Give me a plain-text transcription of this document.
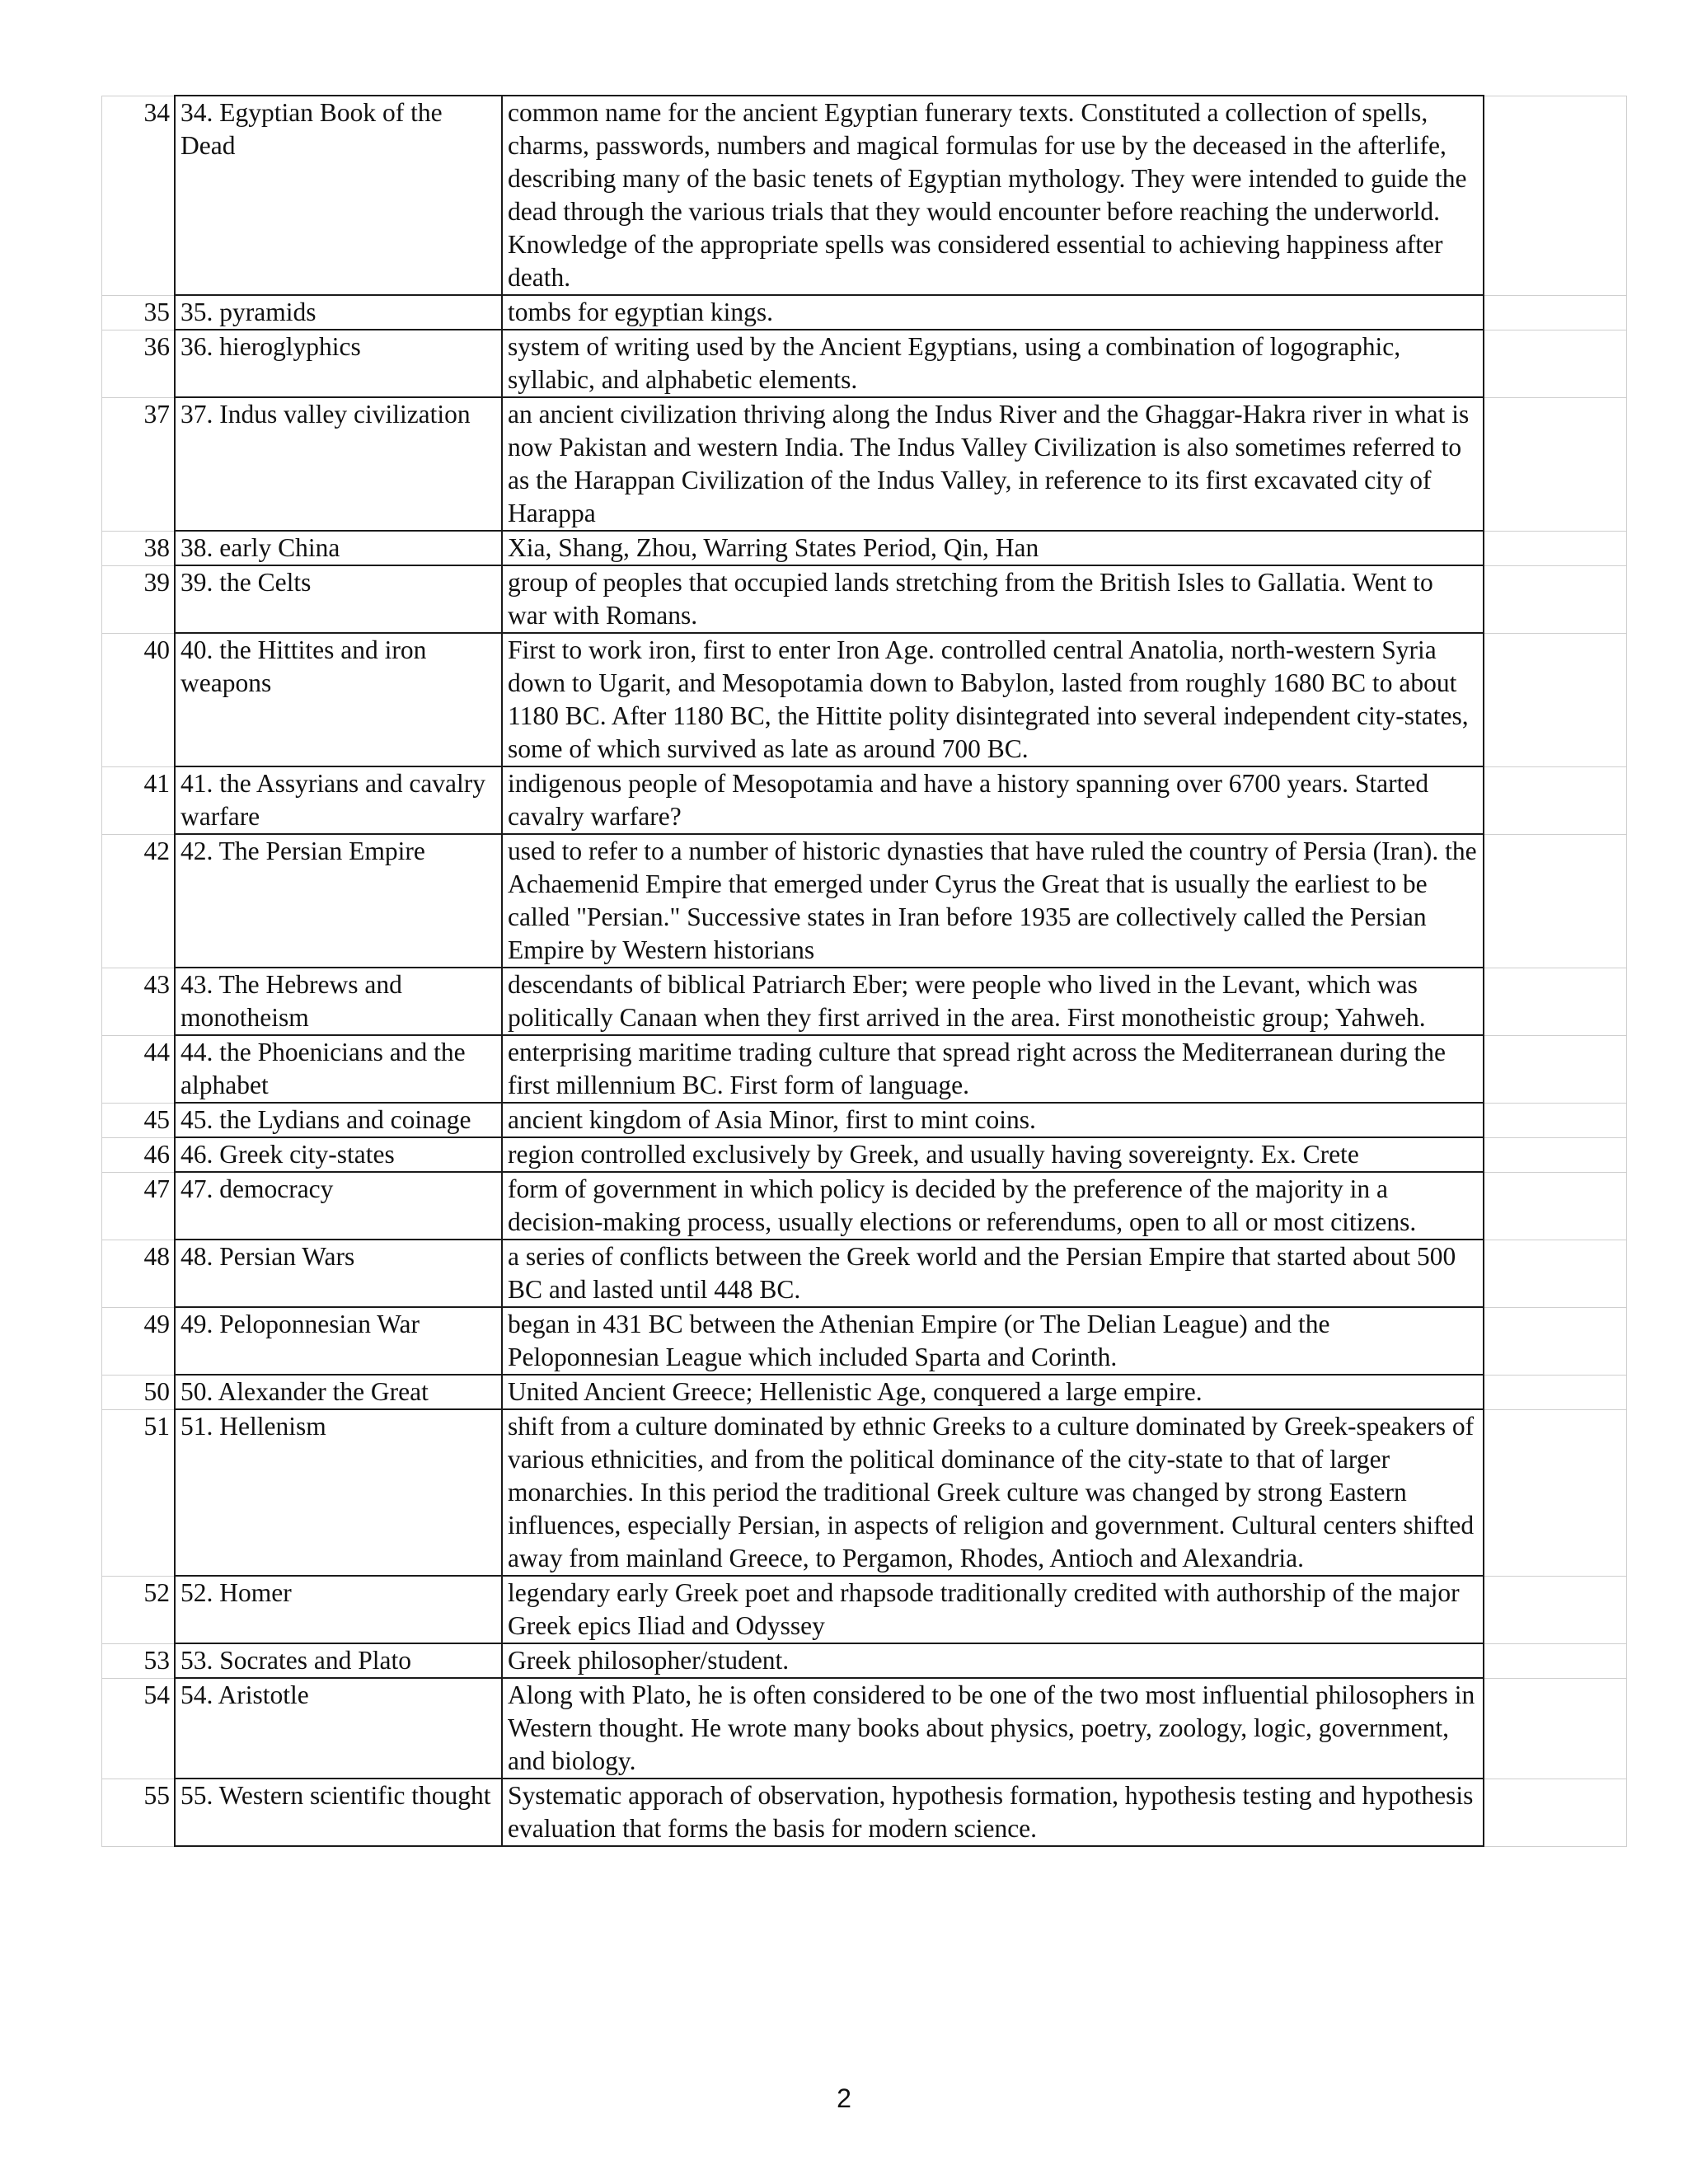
34	34. Egyptian Book of the Dead	common name for the ancient Egyptian funerary texts. Constituted a collection of spells, charms, passwords, numbers and magical formulas for use by the deceased in the afterlife, describing many of the basic tenets of Egyptian mythology. They were intended to guide the dead through the various trials that they would encounter before reaching the underworld. Knowledge of the appropriate spells was considered essential to achieving happiness after death.	
35	35. pyramids	tombs for egyptian kings.	
36	36. hieroglyphics	system of writing used by the Ancient Egyptians, using a combination of logographic, syllabic, and alphabetic elements.	
37	37. Indus valley civilization	an ancient civilization thriving along the Indus River and the Ghaggar-Hakra river in what is now Pakistan and western India. The Indus Valley Civilization is also sometimes referred to as the Harappan Civilization of the Indus Valley, in reference to its first excavated city of Harappa	
38	38. early China	Xia, Shang, Zhou, Warring States Period, Qin, Han	
39	39. the Celts	group of peoples that occupied lands stretching from the British Isles to Gallatia. Went to war with Romans.	
40	40. the Hittites and iron weapons	First to work iron, first to enter Iron Age. controlled central Anatolia, north-western Syria down to Ugarit, and Mesopotamia down to Babylon, lasted from roughly 1680 BC to about 1180 BC. After 1180 BC, the Hittite polity disintegrated into several independent city-states, some of which survived as late as around 700 BC.	
41	41. the Assyrians and cavalry warfare	indigenous people of Mesopotamia and have a history spanning over 6700 years. Started cavalry warfare?	
42	42. The Persian Empire	used to refer to a number of historic dynasties that have ruled the country of Persia (Iran). the Achaemenid Empire that emerged under Cyrus the Great that is usually the earliest to be called "Persian." Successive states in Iran before 1935 are collectively called the Persian Empire by Western historians	
43	43. The Hebrews and monotheism	descendants of biblical Patriarch Eber; were people who lived in the Levant, which was politically Canaan when they first arrived in the area. First monotheistic group; Yahweh.	
44	44. the Phoenicians and the alphabet	enterprising maritime trading culture that spread right across the Mediterranean during the first millennium BC. First form of language.	
45	45. the Lydians and coinage	ancient kingdom of Asia Minor, first to mint coins.	
46	46. Greek city-states	region controlled exclusively by Greek, and usually having sovereignty. Ex. Crete	
47	47. democracy	form of government in which policy is decided by the preference of the majority in a decision-making process, usually elections or referendums, open to all or most citizens.	
48	48. Persian Wars	a series of conflicts between the Greek world and the Persian Empire that started about 500 BC and lasted until 448 BC.	
49	49. Peloponnesian War	began in 431 BC between the Athenian Empire (or The Delian League) and the Peloponnesian League which included Sparta and Corinth.	
50	50. Alexander the Great	United Ancient Greece; Hellenistic Age, conquered a large empire.	
51	51. Hellenism	shift from a culture dominated by ethnic Greeks to a culture dominated by Greek-speakers of various ethnicities, and from the political dominance of the city-state to that of larger monarchies. In this period the traditional Greek culture was changed by strong Eastern influences, especially Persian, in aspects of religion and government. Cultural centers shifted away from mainland Greece, to Pergamon, Rhodes, Antioch and Alexandria.	
52	52. Homer	legendary early Greek poet and rhapsode traditionally credited with authorship of the major Greek epics Iliad and Odyssey	
53	53. Socrates and Plato	Greek philosopher/student.	
54	54. Aristotle	Along with Plato, he is often considered to be one of the two most influential philosophers in Western thought. He wrote many books about physics, poetry, zoology, logic, government, and biology.	
55	55. Western scientific thought	Systematic apporach of observation, hypothesis formation, hypothesis testing and hypothesis evaluation that forms the basis for modern science.	
2
